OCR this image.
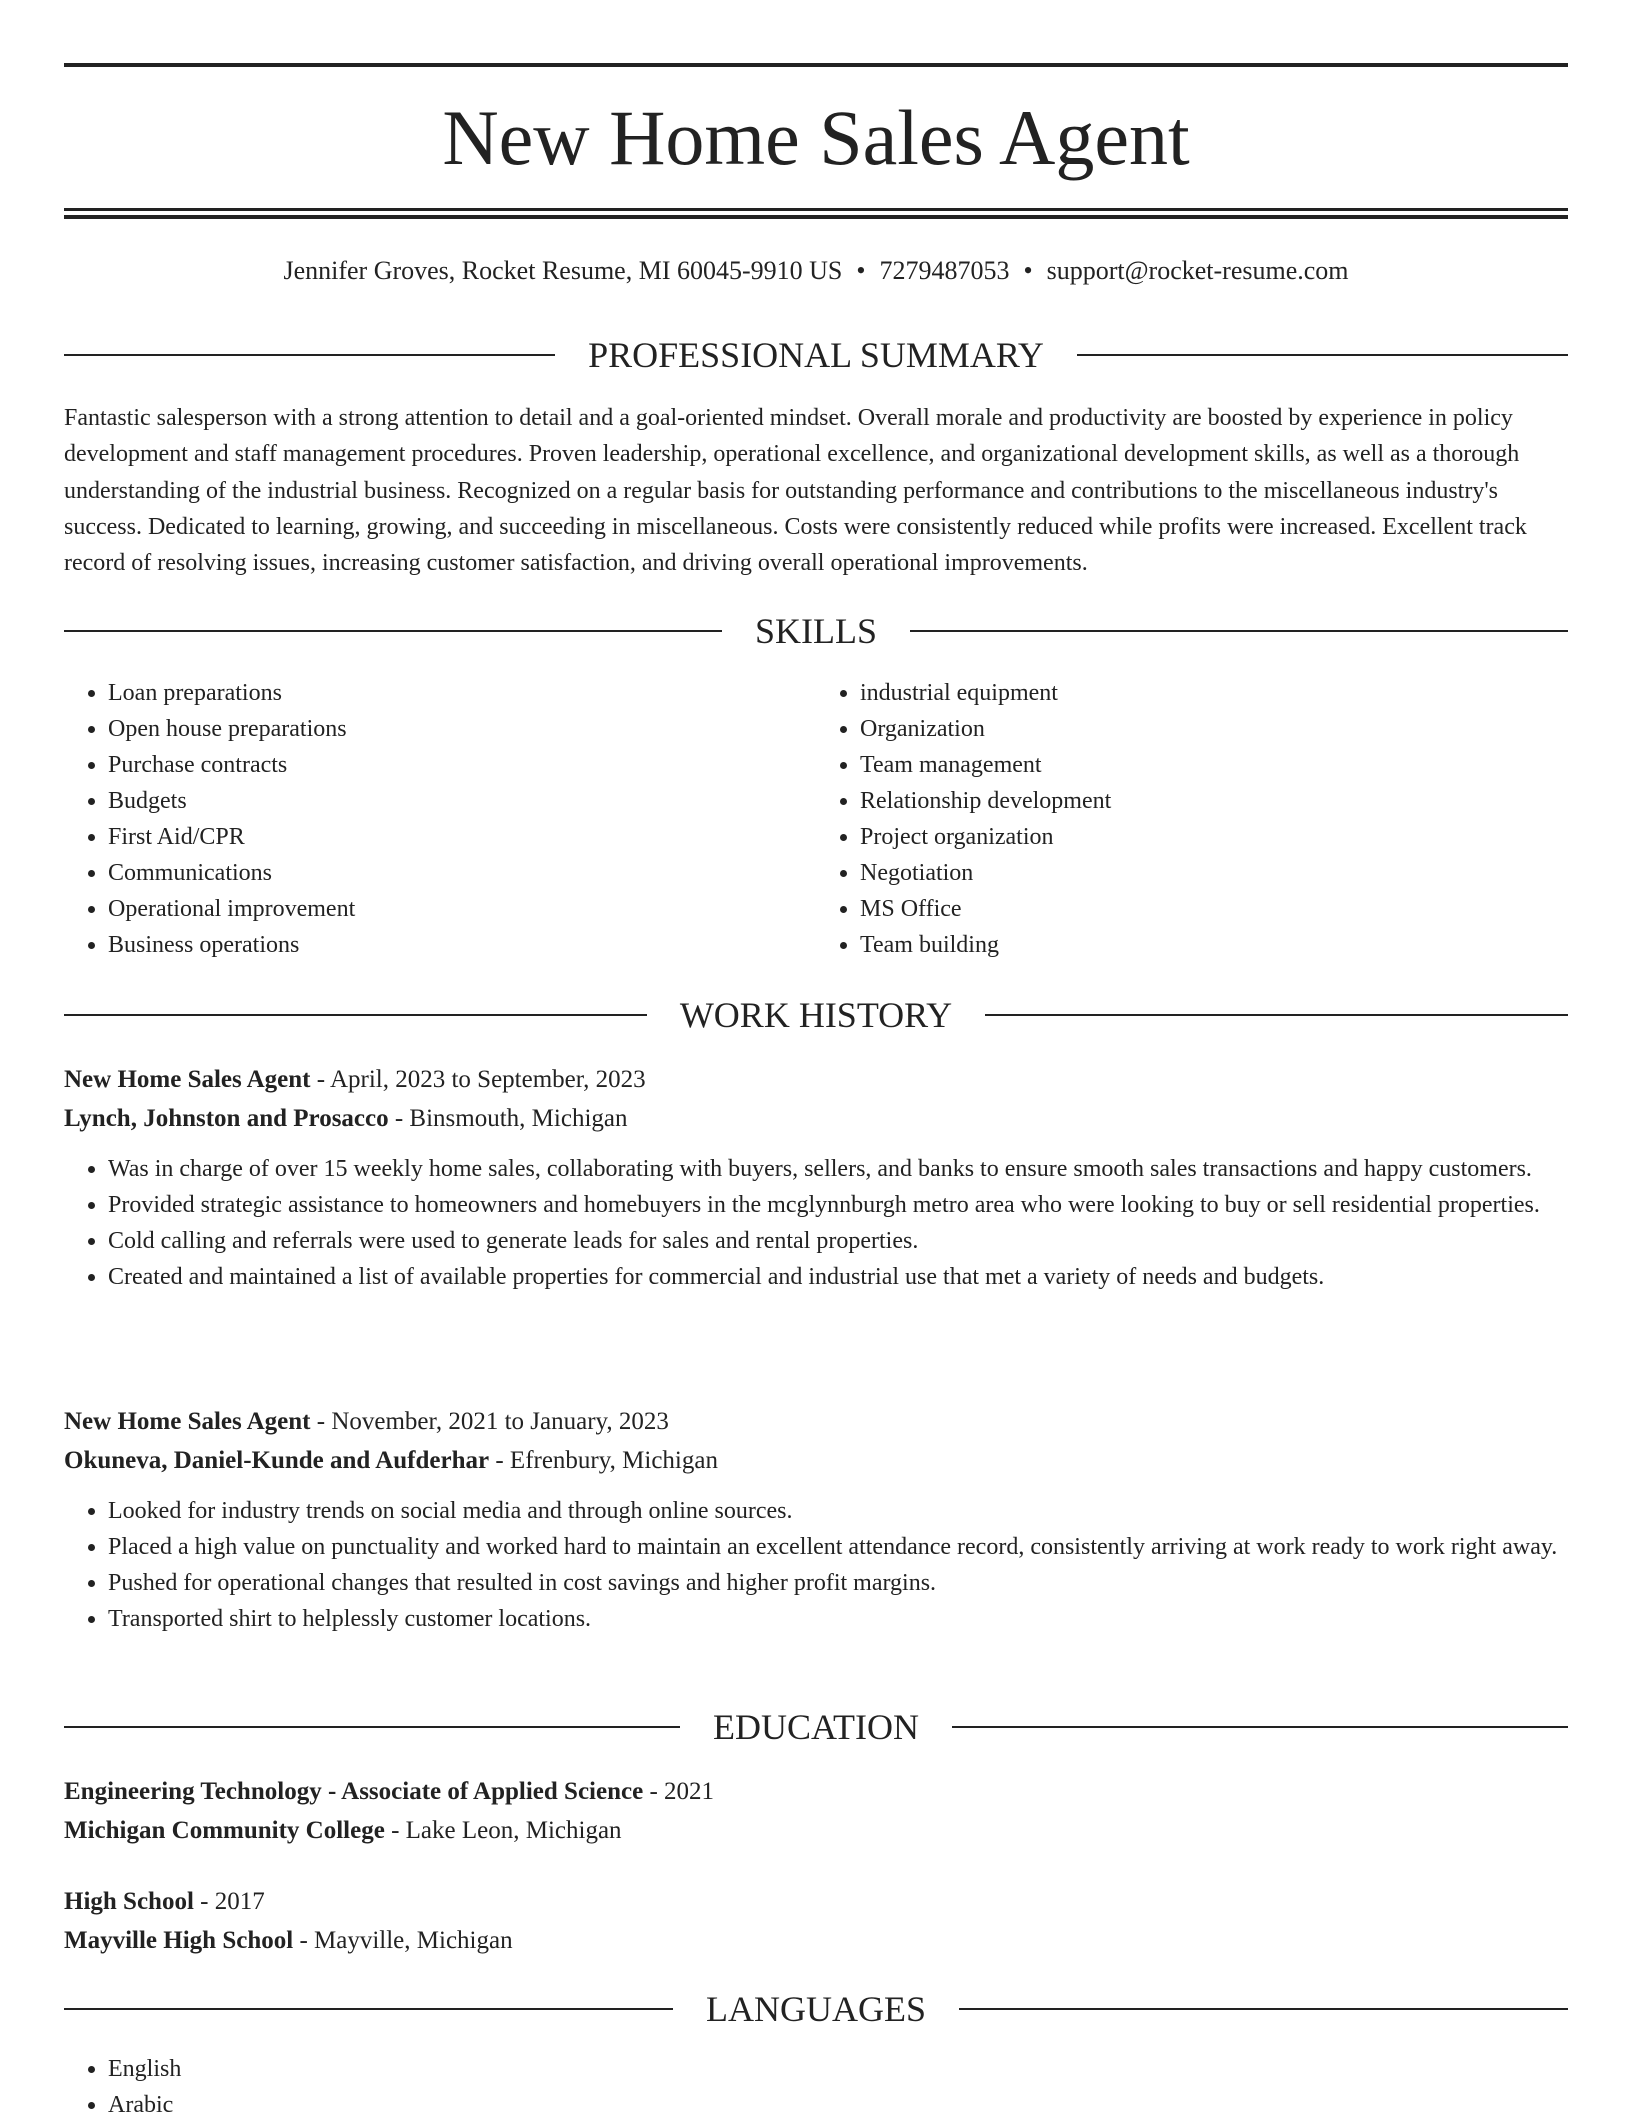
New Home Sales Agent
Jennifer Groves, Rocket Resume, MI 60045-9910 US • 7279487053 • support@rocket-resume.com
PROFESSIONAL SUMMARY

Fantastic salesperson with a strong attention to detail and a goal-oriented mindset. Overall morale and productivity are boosted by experience in policy development and staff management procedures. Proven leadership, operational excellence, and organizational development skills, as well as a thorough understanding of the industrial business. Recognized on a regular basis for outstanding performance and contributions to the miscellaneous industry's success. Dedicated to learning, growing, and succeeding in miscellaneous. Costs were consistently reduced while profits were increased. Excellent track record of resolving issues, increasing customer satisfaction, and driving overall operational improvements.

SKILLS
• Loan preparations
• Open house preparations
• Purchase contracts
• Budgets
• First Aid/CPR
• Communications
• Operational improvement
• Business operations
• industrial equipment
• Organization
• Team management
• Relationship development
• Project organization
• Negotiation
• MS Office
• Team building
WORK HISTORY
New Home Sales Agent - April, 2023 to September, 2023
Lynch, Johnston and Prosacco - Binsmouth, Michigan
• Was in charge of over 15 weekly home sales, collaborating with buyers, sellers, and banks to ensure smooth sales transactions and happy customers.
• Provided strategic assistance to homeowners and homebuyers in the mcglynnburgh metro area who were looking to buy or sell residential properties.
• Cold calling and referrals were used to generate leads for sales and rental properties.
• Created and maintained a list of available properties for commercial and industrial use that met a variety of needs and budgets.
New Home Sales Agent - November, 2021 to January, 2023
Okuneva, Daniel-Kunde and Aufderhar - Efrenbury, Michigan
• Looked for industry trends on social media and through online sources.
• Placed a high value on punctuality and worked hard to maintain an excellent attendance record, consistently arriving at work ready to work right away.
• Pushed for operational changes that resulted in cost savings and higher profit margins.
• Transported shirt to helplessly customer locations.
EDUCATION
Engineering Technology - Associate of Applied Science - 2021
Michigan Community College - Lake Leon, Michigan
High School - 2017
Mayville High School - Mayville, Michigan
LANGUAGES
• English
• Arabic
